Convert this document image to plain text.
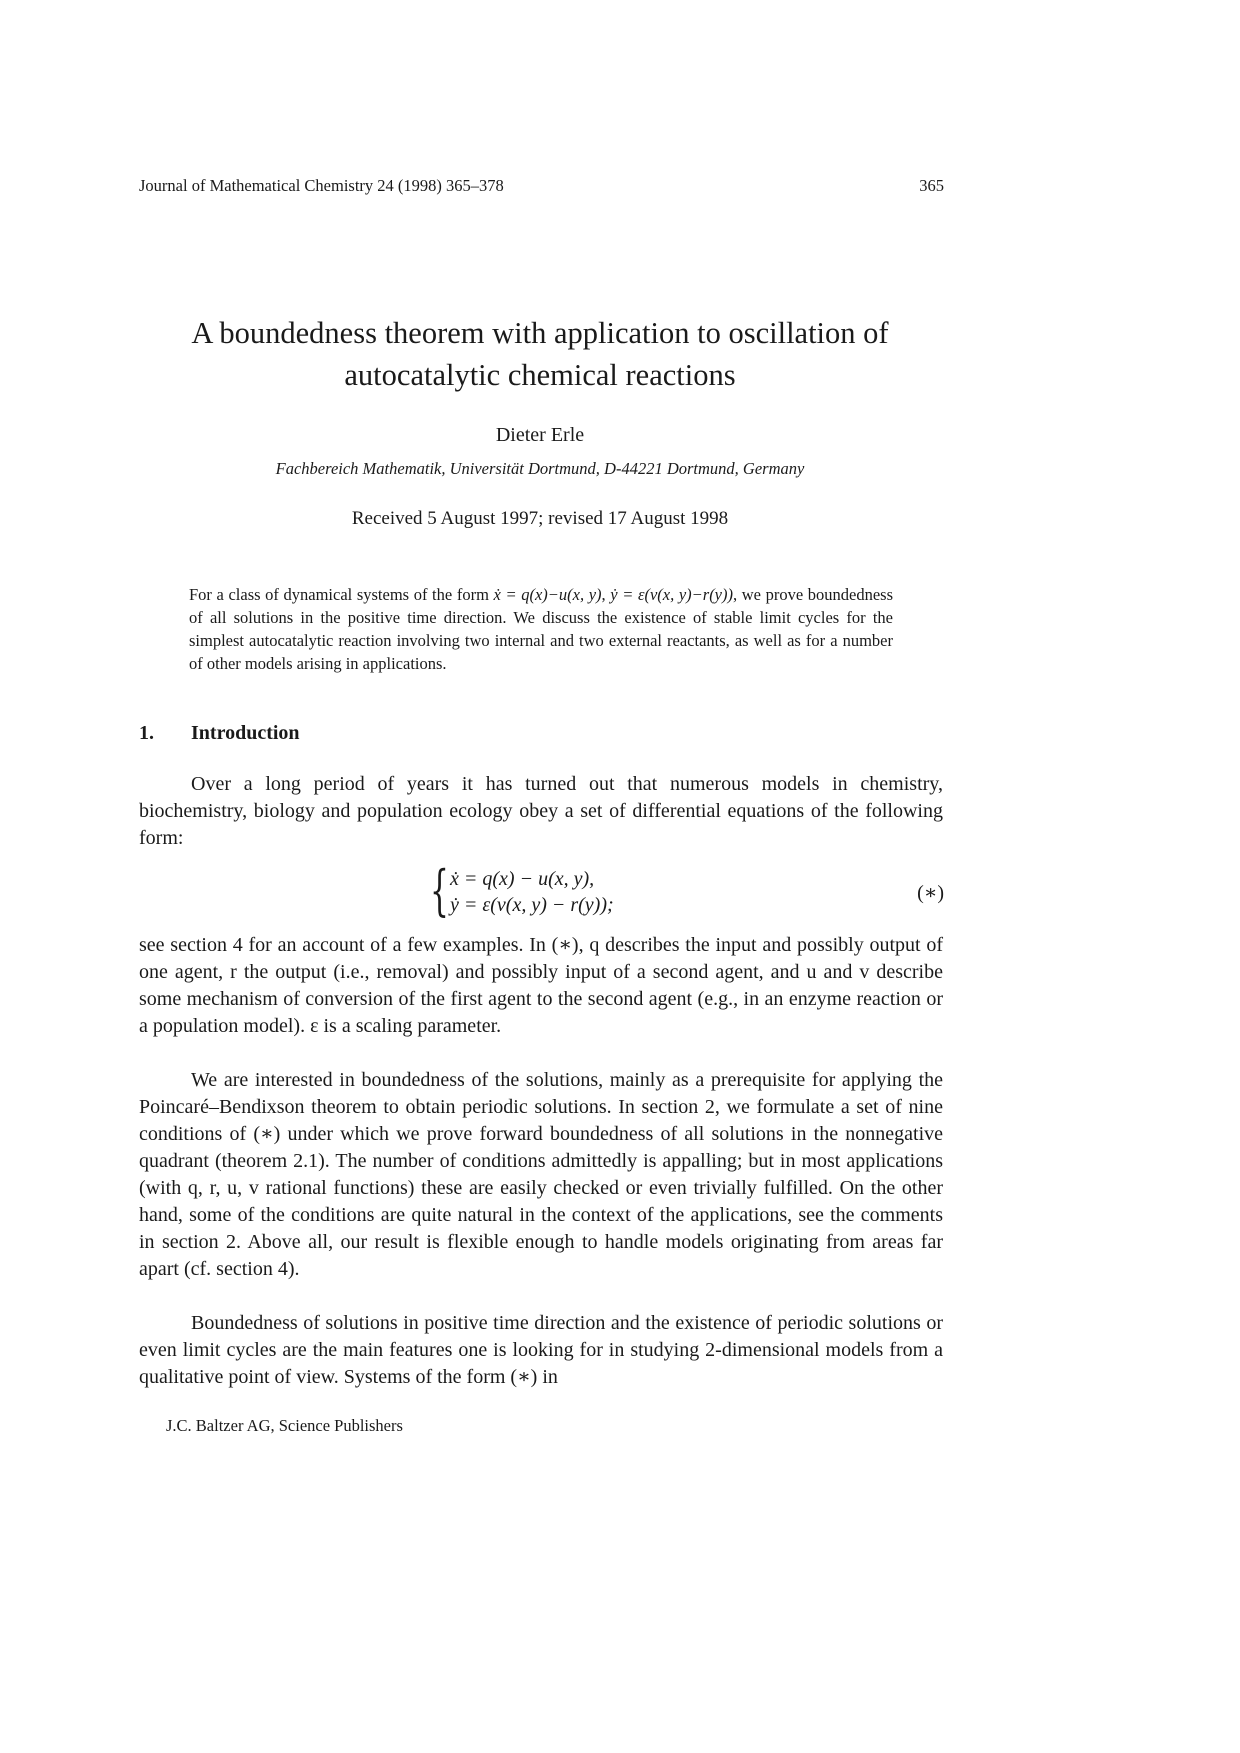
Journal of Mathematical Chemistry 24 (1998) 365–378	365
A boundedness theorem with application to oscillation of
autocatalytic chemical reactions
Dieter Erle
Fachbereich Mathematik, Universität Dortmund, D-44221 Dortmund, Germany
Received 5 August 1997; revised 17 August 1998
For a class of dynamical systems of the form ẋ = q(x)−u(x, y), ẏ = ε(v(x, y)−r(y)), we prove boundedness of all solutions in the positive time direction. We discuss the existence of stable limit cycles for the simplest autocatalytic reaction involving two internal and two external reactants, as well as for a number of other models arising in applications.
1. Introduction
Over a long period of years it has turned out that numerous models in chemistry, biochemistry, biology and population ecology obey a set of differential equations of the following form:
{ ẋ = q(x) − u(x, y),
ẏ = ε(v(x, y) − r(y));
(∗)
see section 4 for an account of a few examples. In (∗), q describes the input and possibly output of one agent, r the output (i.e., removal) and possibly input of a second agent, and u and v describe some mechanism of conversion of the first agent to the second agent (e.g., in an enzyme reaction or a population model). ε is a scaling parameter.
We are interested in boundedness of the solutions, mainly as a prerequisite for applying the Poincaré–Bendixson theorem to obtain periodic solutions. In section 2, we formulate a set of nine conditions of (∗) under which we prove forward boundedness of all solutions in the nonnegative quadrant (theorem 2.1). The number of conditions admittedly is appalling; but in most applications (with q, r, u, v rational functions) these are easily checked or even trivially fulfilled. On the other hand, some of the conditions are quite natural in the context of the applications, see the comments in section 2. Above all, our result is flexible enough to handle models originating from areas far apart (cf. section 4).
Boundedness of solutions in positive time direction and the existence of periodic solutions or even limit cycles are the main features one is looking for in studying 2-dimensional models from a qualitative point of view. Systems of the form (∗) in
J.C. Baltzer AG, Science Publishers
